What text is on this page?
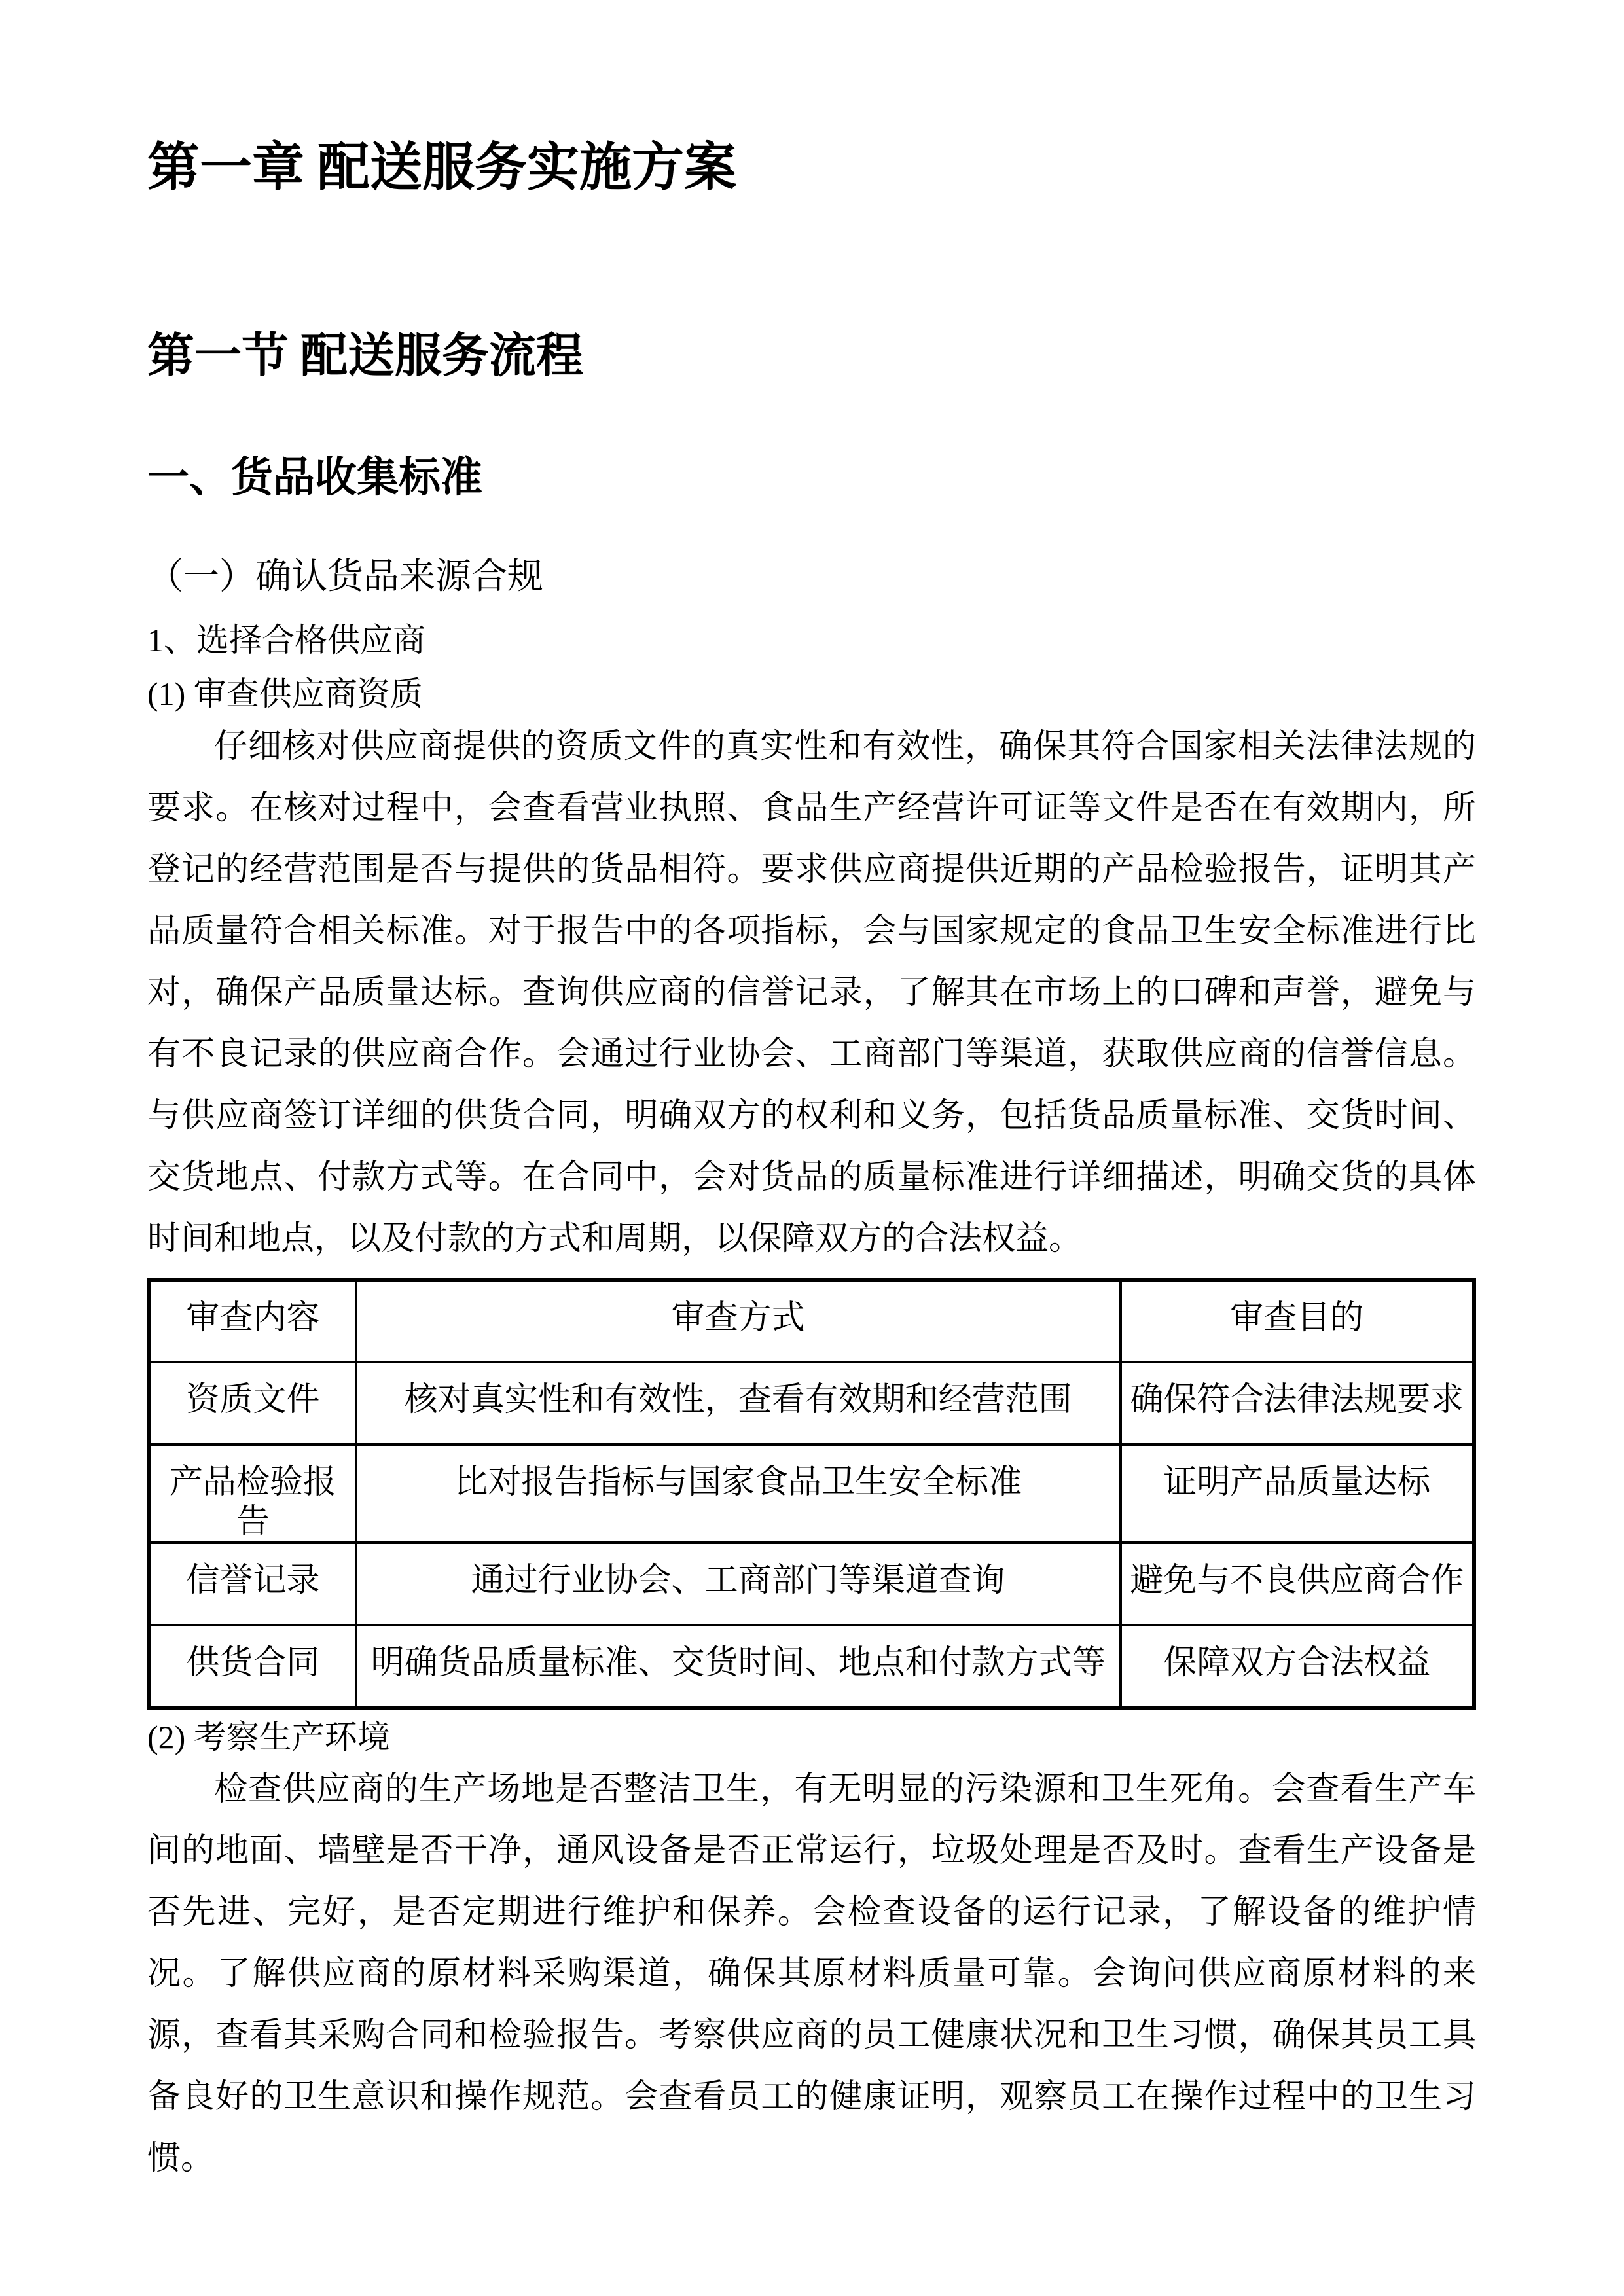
第一章 配送服务实施方案
第一节 配送服务流程
一、货品收集标准
（一）确认货品来源合规
1、选择合格供应商
(1) 审查供应商资质

仔细核对供应商提供的资质文件的真实性和有效性，确保其符合国家相关法律法规的要求。在核对过程中，会查看营业执照、食品生产经营许可证等文件是否在有效期内，所登记的经营范围是否与提供的货品相符。要求供应商提供近期的产品检验报告，证明其产品质量符合相关标准。对于报告中的各项指标，会与国家规定的食品卫生安全标准进行比对，确保产品质量达标。查询供应商的信誉记录，了解其在市场上的口碑和声誉，避免与有不良记录的供应商合作。会通过行业协会、工商部门等渠道，获取供应商的信誉信息。与供应商签订详细的供货合同，明确双方的权利和义务，包括货品质量标准、交货时间、交货地点、付款方式等。在合同中，会对货品的质量标准进行详细描述，明确交货的具体时间和地点，以及付款的方式和周期，以保障双方的合法权益。

审查内容	审查方式	审查目的
资质文件	核对真实性和有效性，查看有效期和经营范围	确保符合法律法规要求
产品检验报告	比对报告指标与国家食品卫生安全标准	证明产品质量达标
信誉记录	通过行业协会、工商部门等渠道查询	避免与不良供应商合作
供货合同	明确货品质量标准、交货时间、地点和付款方式等	保障双方合法权益
(2) 考察生产环境

检查供应商的生产场地是否整洁卫生，有无明显的污染源和卫生死角。会查看生产车间的地面、墙壁是否干净，通风设备是否正常运行，垃圾处理是否及时。查看生产设备是否先进、完好，是否定期进行维护和保养。会检查设备的运行记录，了解设备的维护情况。了解供应商的原材料采购渠道，确保其原材料质量可靠。会询问供应商原材料的来源，查看其采购合同和检验报告。考察供应商的员工健康状况和卫生习惯，确保其员工具备良好的卫生意识和操作规范。会查看员工的健康证明，观察员工在操作过程中的卫生习惯。
